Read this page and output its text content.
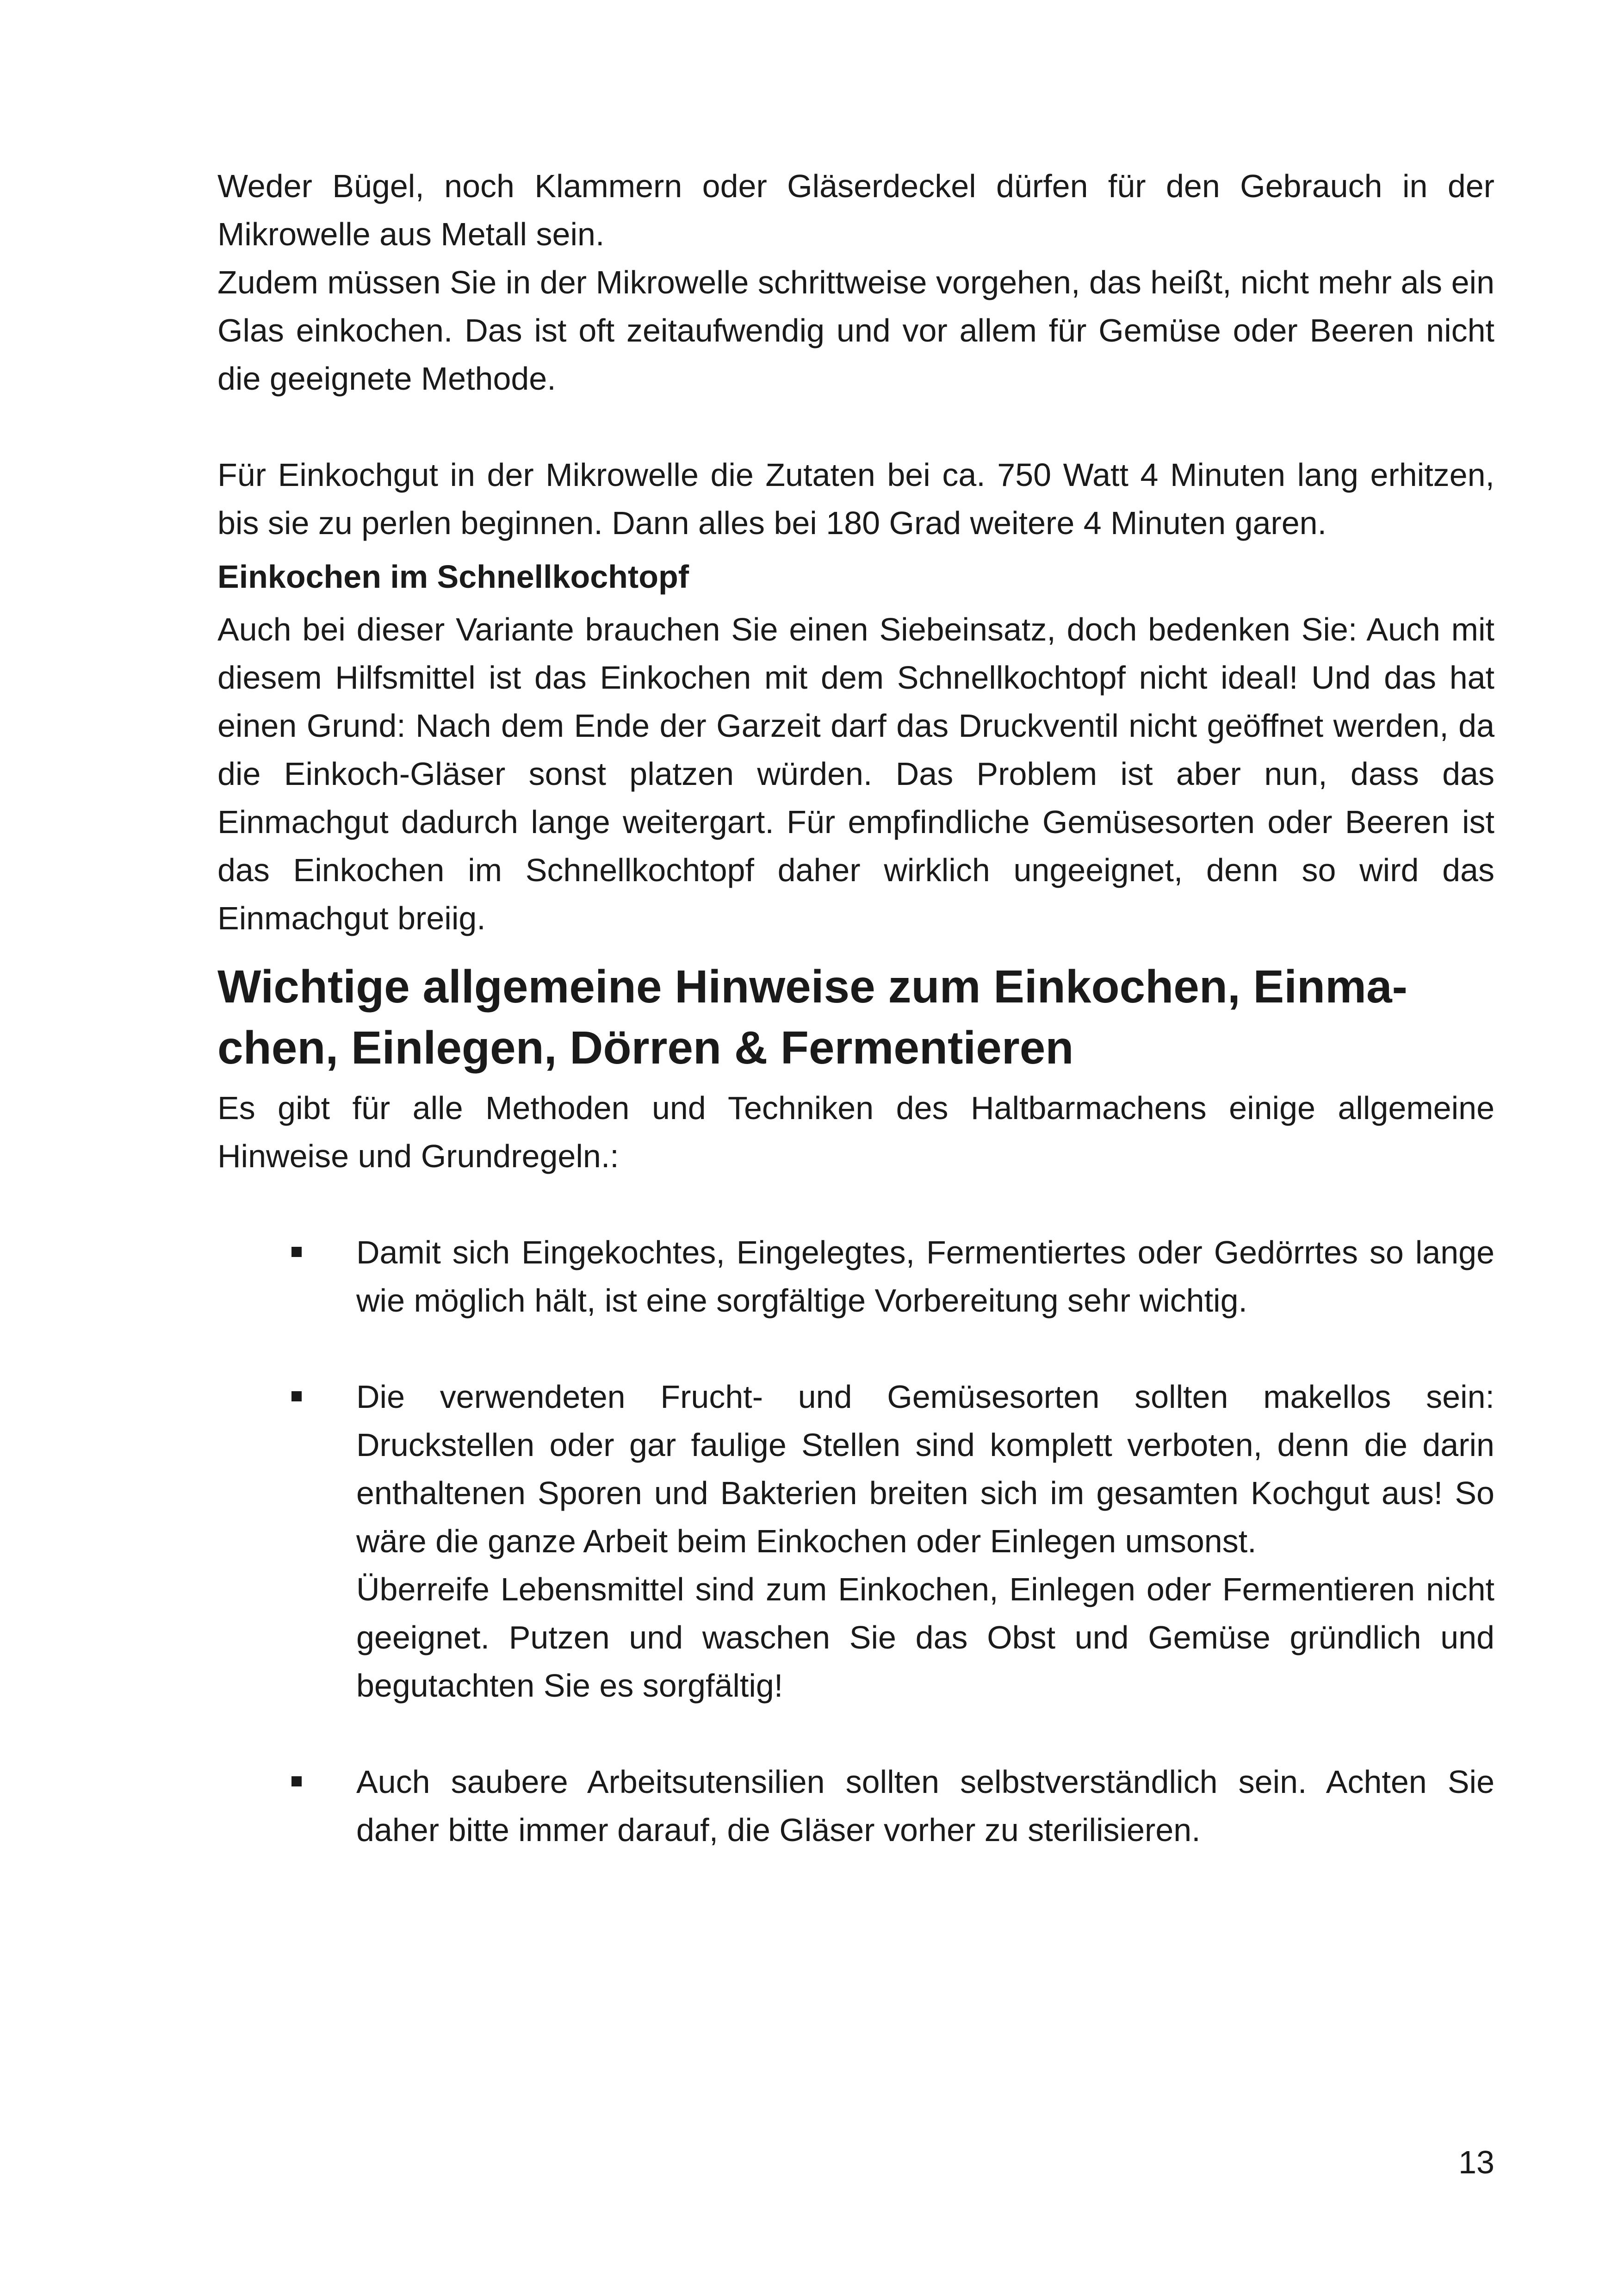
Weder Bügel, noch Klammern oder Gläserdeckel dürfen für den Gebrauch in der Mikrowelle aus Metall sein.

Zudem müssen Sie in der Mikrowelle schrittweise vorgehen, das heißt, nicht mehr als ein Glas einkochen. Das ist oft zeitaufwendig und vor allem für Gemüse oder Beeren nicht die geeignete Methode.

Für Einkochgut in der Mikrowelle die Zutaten bei ca. 750 Watt 4 Minuten lang erhitzen, bis sie zu perlen beginnen. Dann alles bei 180 Grad weitere 4 Minuten garen.

Einkochen im Schnellkochtopf

Auch bei dieser Variante brauchen Sie einen Siebeinsatz, doch bedenken Sie: Auch mit diesem Hilfsmittel ist das Einkochen mit dem Schnellkochtopf nicht ideal! Und das hat einen Grund: Nach dem Ende der Garzeit darf das Druckventil nicht geöffnet werden, da die Einkoch-Gläser sonst platzen würden. Das Problem ist aber nun, dass das Einmachgut dadurch lange weitergart. Für empfindliche Gemüsesorten oder Beeren ist das Einkochen im Schnellkochtopf daher wirklich ungeeignet, denn so wird das Einmachgut breiig.

Wichtige allgemeine Hinweise zum Einkochen, Einma-
chen, Einlegen, Dörren & Fermentieren

Es gibt für alle Methoden und Techniken des Haltbarmachens einige allgemeine Hinweise und Grundregeln.:

Damit sich Eingekochtes, Eingelegtes, Fermentiertes oder Gedörrtes so lange wie möglich hält, ist eine sorgfältige Vorbereitung sehr wichtig.
Die verwendeten Frucht- und Gemüsesorten sollten makellos sein: Druckstellen oder gar faulige Stellen sind komplett verboten, denn die darin enthaltenen Sporen und Bakterien breiten sich im gesamten Kochgut aus! So wäre die ganze Arbeit beim Einkochen oder Einlegen umsonst.
Überreife Lebensmittel sind zum Einkochen, Einlegen oder Fermentieren nicht geeignet. Putzen und waschen Sie das Obst und Gemüse gründlich und begutachten Sie es sorgfältig!
Auch saubere Arbeitsutensilien sollten selbstverständlich sein. Achten Sie daher bitte immer darauf, die Gläser vorher zu sterilisieren.
13
